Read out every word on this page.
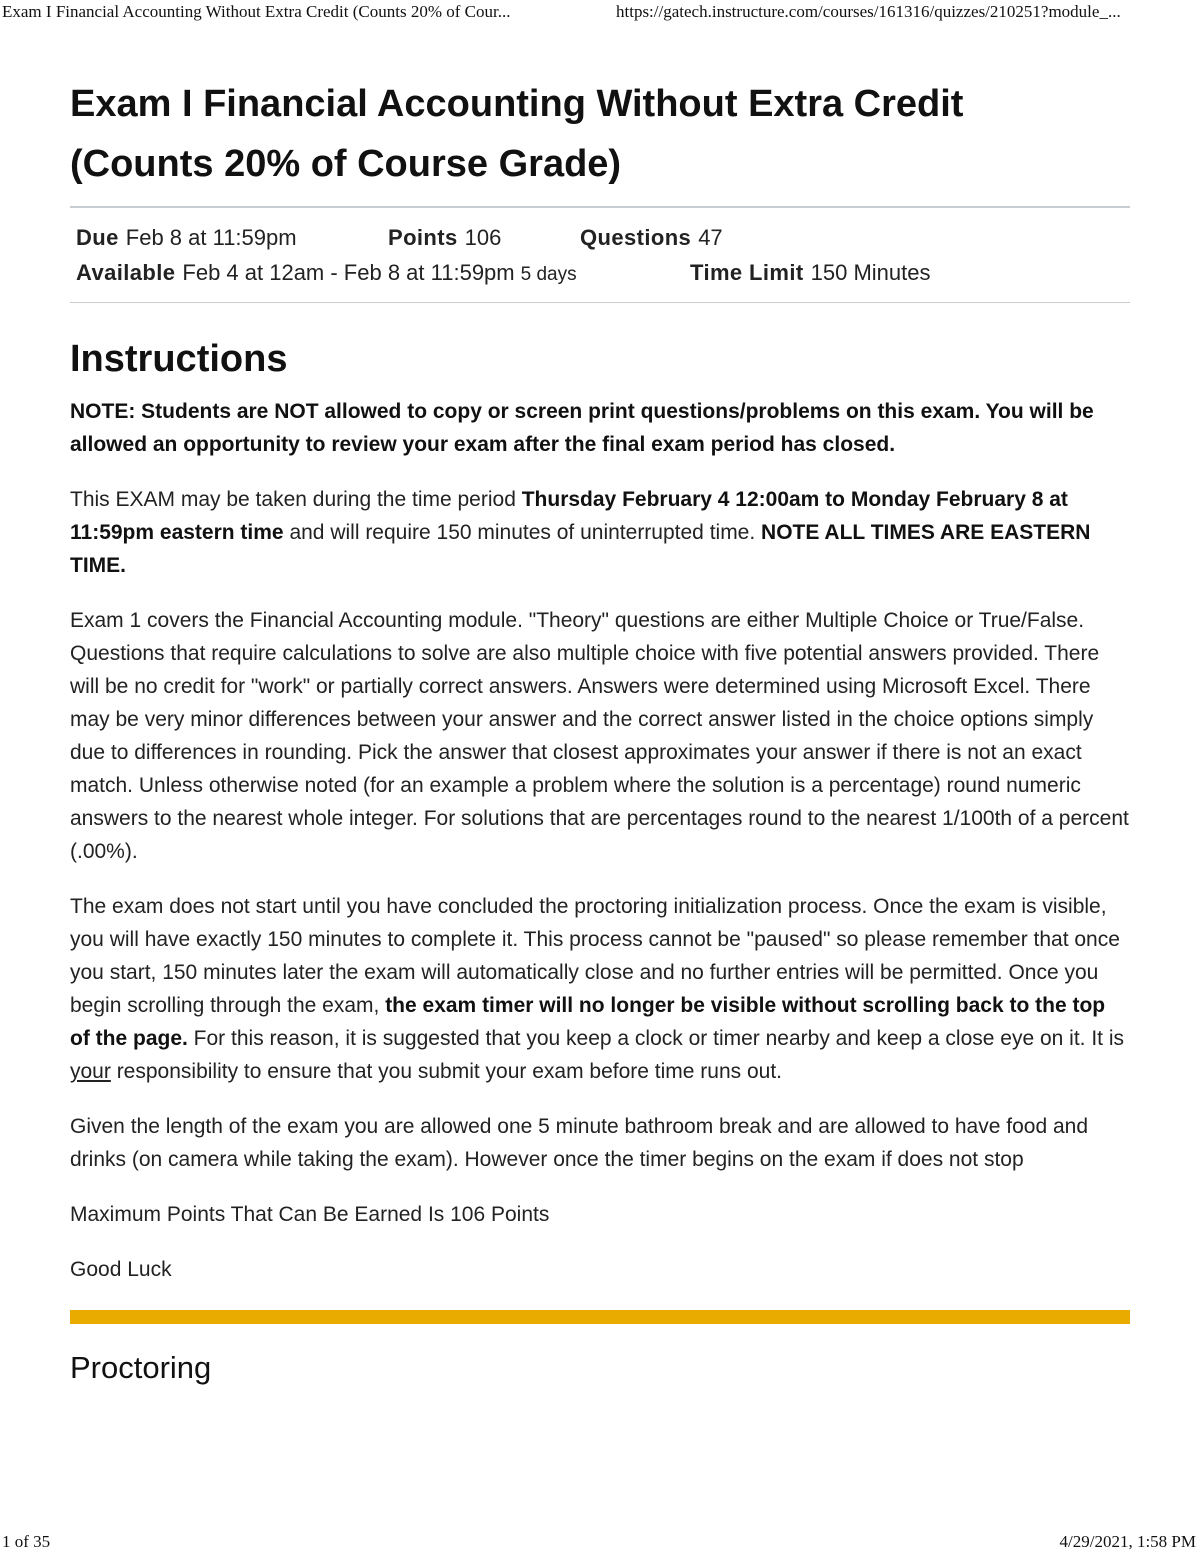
Exam I Financial Accounting Without Extra Credit (Counts 20% of Cour...	https://gatech.instructure.com/courses/161316/quizzes/210251?module_...
Exam I Financial Accounting Without Extra Credit
(Counts 20% of Course Grade)
Due Feb 8 at 11:59pm	Points 106	Questions 47
Available Feb 4 at 12am - Feb 8 at 11:59pm 5 days	Time Limit 150 Minutes
Instructions

NOTE: Students are NOT allowed to copy or screen print questions/problems on this exam. You will be allowed an opportunity to review your exam after the final exam period has closed.

This EXAM may be taken during the time period Thursday February 4 12:00am to Monday February 8 at 11:59pm eastern time and will require 150 minutes of uninterrupted time. NOTE ALL TIMES ARE EASTERN TIME.

Exam 1 covers the Financial Accounting module. "Theory" questions are either Multiple Choice or True/False. Questions that require calculations to solve are also multiple choice with five potential answers provided. There will be no credit for "work" or partially correct answers. Answers were determined using Microsoft Excel. There may be very minor differences between your answer and the correct answer listed in the choice options simply due to differences in rounding. Pick the answer that closest approximates your answer if there is not an exact match. Unless otherwise noted (for an example a problem where the solution is a percentage) round numeric answers to the nearest whole integer. For solutions that are percentages round to the nearest 1/100th of a percent (.00%).

The exam does not start until you have concluded the proctoring initialization process. Once the exam is visible, you will have exactly 150 minutes to complete it. This process cannot be "paused" so please remember that once you start, 150 minutes later the exam will automatically close and no further entries will be permitted. Once you begin scrolling through the exam, the exam timer will no longer be visible without scrolling back to the top of the page. For this reason, it is suggested that you keep a clock or timer nearby and keep a close eye on it. It is your responsibility to ensure that you submit your exam before time runs out.

Given the length of the exam you are allowed one 5 minute bathroom break and are allowed to have food and drinks (on camera while taking the exam). However once the timer begins on the exam if does not stop

Maximum Points That Can Be Earned Is 106 Points

Good Luck

Proctoring
1 of 35	4/29/2021, 1:58 PM
